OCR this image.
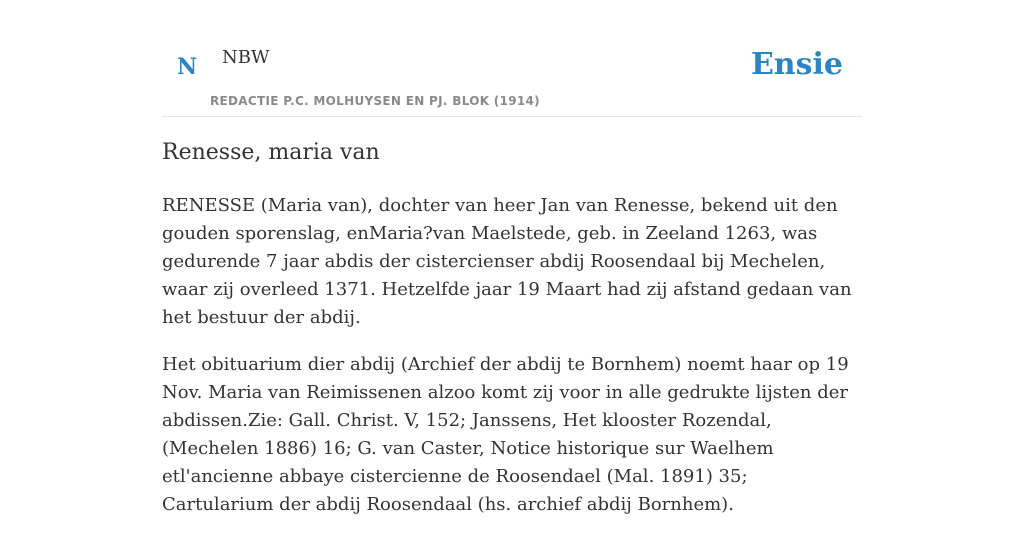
N NBW
REDACTIE P.C. MOLHUYSEN EN PJ. BLOK (1914)
Ensie
Renesse, maria van

RENESSE (Maria van), dochter van heer Jan van Renesse, bekend uit den gouden sporenslag, enMaria?van Maelstede, geb. in Zeeland 1263, was gedurende 7 jaar abdis der cistercienser abdij Roosendaal bij Mechelen, waar zij overleed 1371. Hetzelfde jaar 19 Maart had zij afstand gedaan van het bestuur der abdij.

Het obituarium dier abdij (Archief der abdij te Bornhem) noemt haar op 19 Nov. Maria van Reimissenen alzoo komt zij voor in alle gedrukte lijsten der abdissen.Zie: Gall. Christ. V, 152; Janssens, Het klooster Rozendal, (Mechelen 1886) 16; G. van Caster, Notice historique sur Waelhem etl'ancienne abbaye cistercienne de Roosendael (Mal. 1891) 35; Cartularium der abdij Roosendaal (hs. archief abdij Bornhem).
